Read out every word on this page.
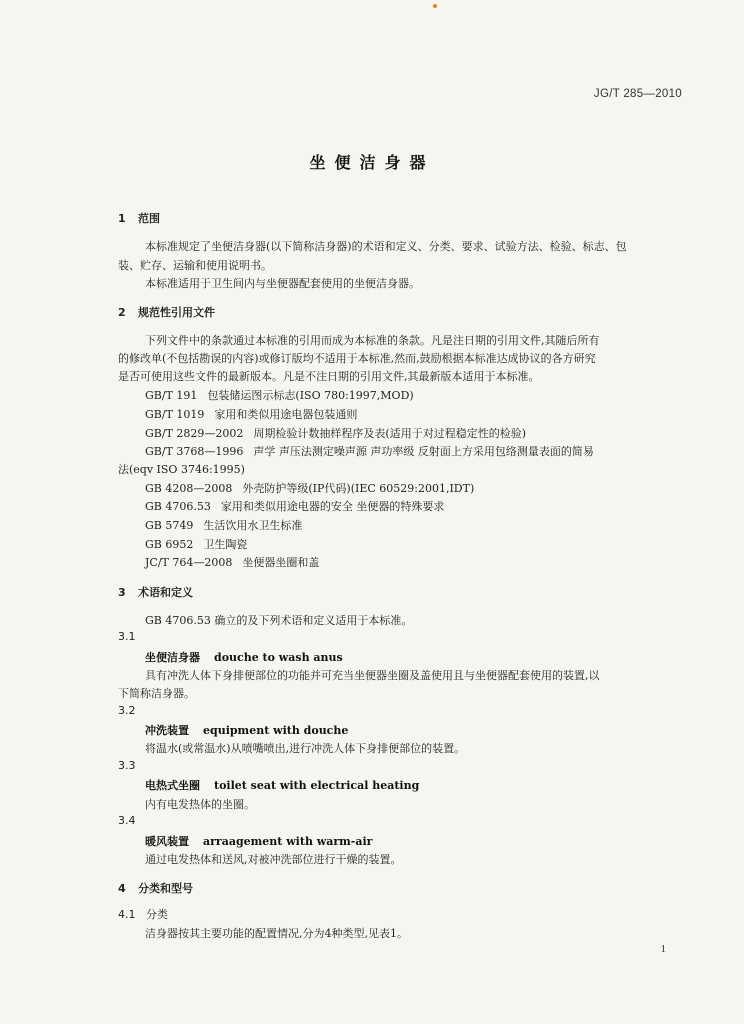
JG/T 285—2010
坐便洁身器
1 范围
本标准规定了坐便洁身器(以下简称洁身器)的术语和定义、分类、要求、试验方法、检验、标志、包
装、贮存、运输和使用说明书。
本标准适用于卫生间内与坐便器配套使用的坐便洁身器。
2 规范性引用文件
下列文件中的条款通过本标准的引用而成为本标准的条款。凡是注日期的引用文件,其随后所有
的修改单(不包括勘误的内容)或修订版均不适用于本标准,然而,鼓励根据本标准达成协议的各方研究
是否可使用这些文件的最新版本。凡是不注日期的引用文件,其最新版本适用于本标准。
GB/T 191 包装储运图示标志(ISO 780:1997,MOD)
GB/T 1019 家用和类似用途电器包装通则
GB/T 2829—2002 周期检验计数抽样程序及表(适用于对过程稳定性的检验)
GB/T 3768—1996 声学 声压法测定噪声源 声功率级 反射面上方采用包络测量表面的简易
法(eqv ISO 3746:1995)
GB 4208—2008 外壳防护等级(IP代码)(IEC 60529:2001,IDT)
GB 4706.53 家用和类似用途电器的安全 坐便器的特殊要求
GB 5749 生活饮用水卫生标准
GB 6952 卫生陶瓷
JC/T 764—2008 坐便器坐圈和盖
3 术语和定义
GB 4706.53 确立的及下列术语和定义适用于本标准。
3.1
坐便洁身器 douche to wash anus
具有冲洗人体下身排便部位的功能并可充当坐便器坐圈及盖使用且与坐便器配套使用的装置,以
下简称洁身器。
3.2
冲洗装置 equipment with douche
将温水(或常温水)从喷嘴喷出,进行冲洗人体下身排便部位的装置。
3.3
电热式坐圈 toilet seat with electrical heating
内有电发热体的坐圈。
3.4
暖风装置 arraagement with warm-air
通过电发热体和送风,对被冲洗部位进行干燥的装置。
4 分类和型号
4.1 分类
洁身器按其主要功能的配置情况,分为4种类型,见表1。
1
